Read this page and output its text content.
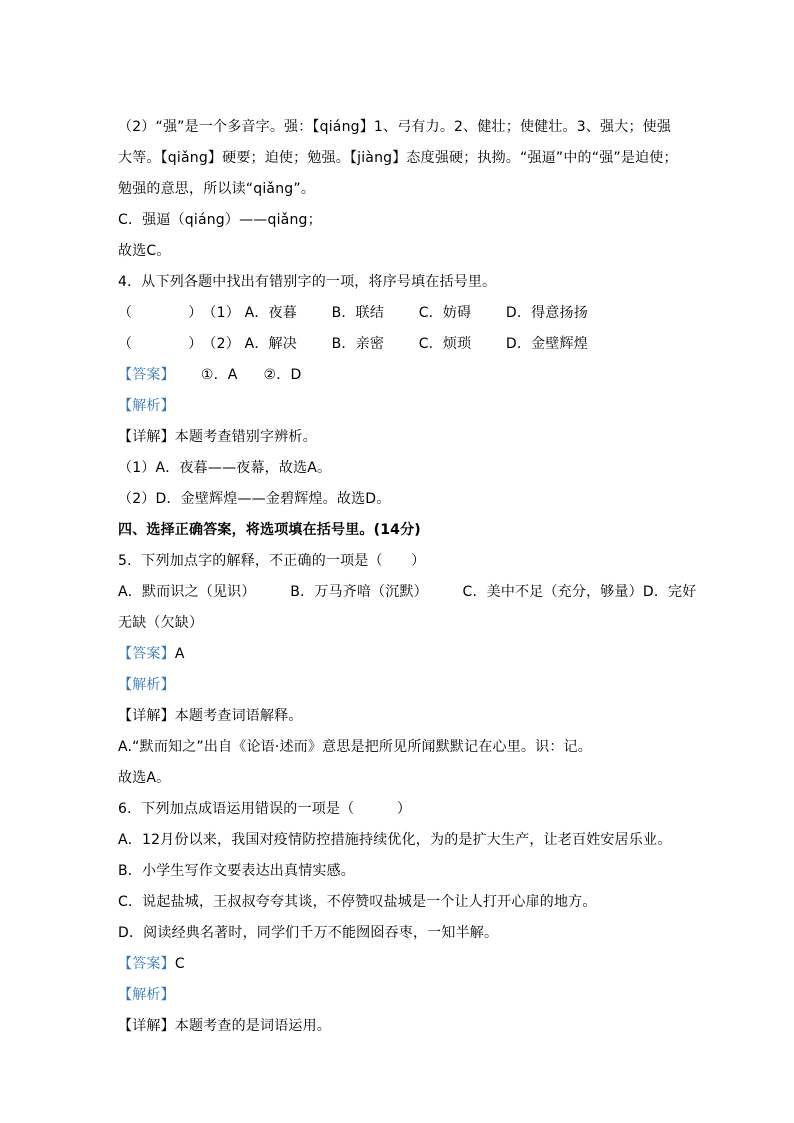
（2）“强”是一个多音字。强：【qiáng】1、弓有力。2、健壮；使健壮。3、强大；使强
大等。【qiǎng】硬要；迫使；勉强。【jiàng】态度强硬；执拗。“强逼”中的“强”是迫使；
勉强的意思，所以读“qiǎng”。
C．强逼（qiáng）——qiǎng；
故选C。
4．从下列各题中找出有错别字的一项，将序号填在括号里。
（	）（1） A．夜暮 B．联结 C．妨碍 D．得意扬扬
（	）（2） A．解决 B．亲密 C．烦琐 D．金壁辉煌
【答案】 ①．A ②．D
【解析】
【详解】本题考查错别字辨析。
（1）A．夜暮——夜幕，故选A。
（2）D．金壁辉煌——金碧辉煌。故选D。
四、选择正确答案，将选项填在括号里。(14分)
5．下列加点字的解释，不正确的一项是（　　）
A．默而识之（见识） B．万马齐喑（沉默） C．美中不足（充分，够量）D．完好
无缺（欠缺）
【答案】A
【解析】
【详解】本题考查词语解释。
A.“默而知之”出自《论语·述而》意思是把所见所闻默默记在心里。识：记。
故选A。
6．下列加点成语运用错误的一项是（　　　）
A．12月份以来，我国对疫情防控措施持续优化，为的是扩大生产，让老百姓安居乐业。
B．小学生写作文要表达出真情实感。
C．说起盐城，王叔叔夸夸其谈，不停赞叹盐城是一个让人打开心扉的地方。
D．阅读经典名著时，同学们千万不能囫囵吞枣，一知半解。
【答案】C
【解析】
【详解】本题考查的是词语运用。
